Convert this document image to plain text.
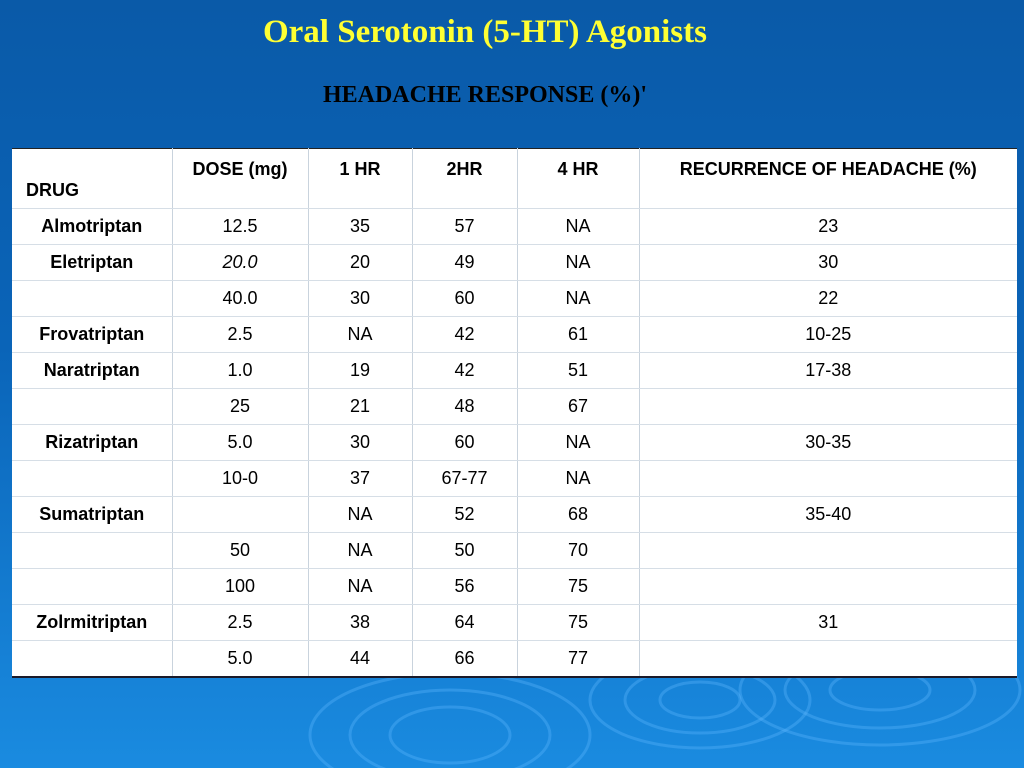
Oral Serotonin (5-HT) Agonists
HEADACHE RESPONSE (%)'
DRUG	DOSE (mg)	1 HR	2HR	4 HR	RECURRENCE OF HEADACHE (%)
Almotriptan	12.5	35	57	NA	23
Eletriptan	20.0	20	49	NA	30
	40.0	30	60	NA	22
Frovatriptan	2.5	NA	42	61	10-25
Naratriptan	1.0	19	42	51	17-38
	25	21	48	67	
Rizatriptan	5.0	30	60	NA	30-35
	10-0	37	67-77	NA	
Sumatriptan		NA	52	68	35-40
	50	NA	50	70	
	100	NA	56	75	
Zolrmitriptan	2.5	38	64	75	31
	5.0	44	66	77	
